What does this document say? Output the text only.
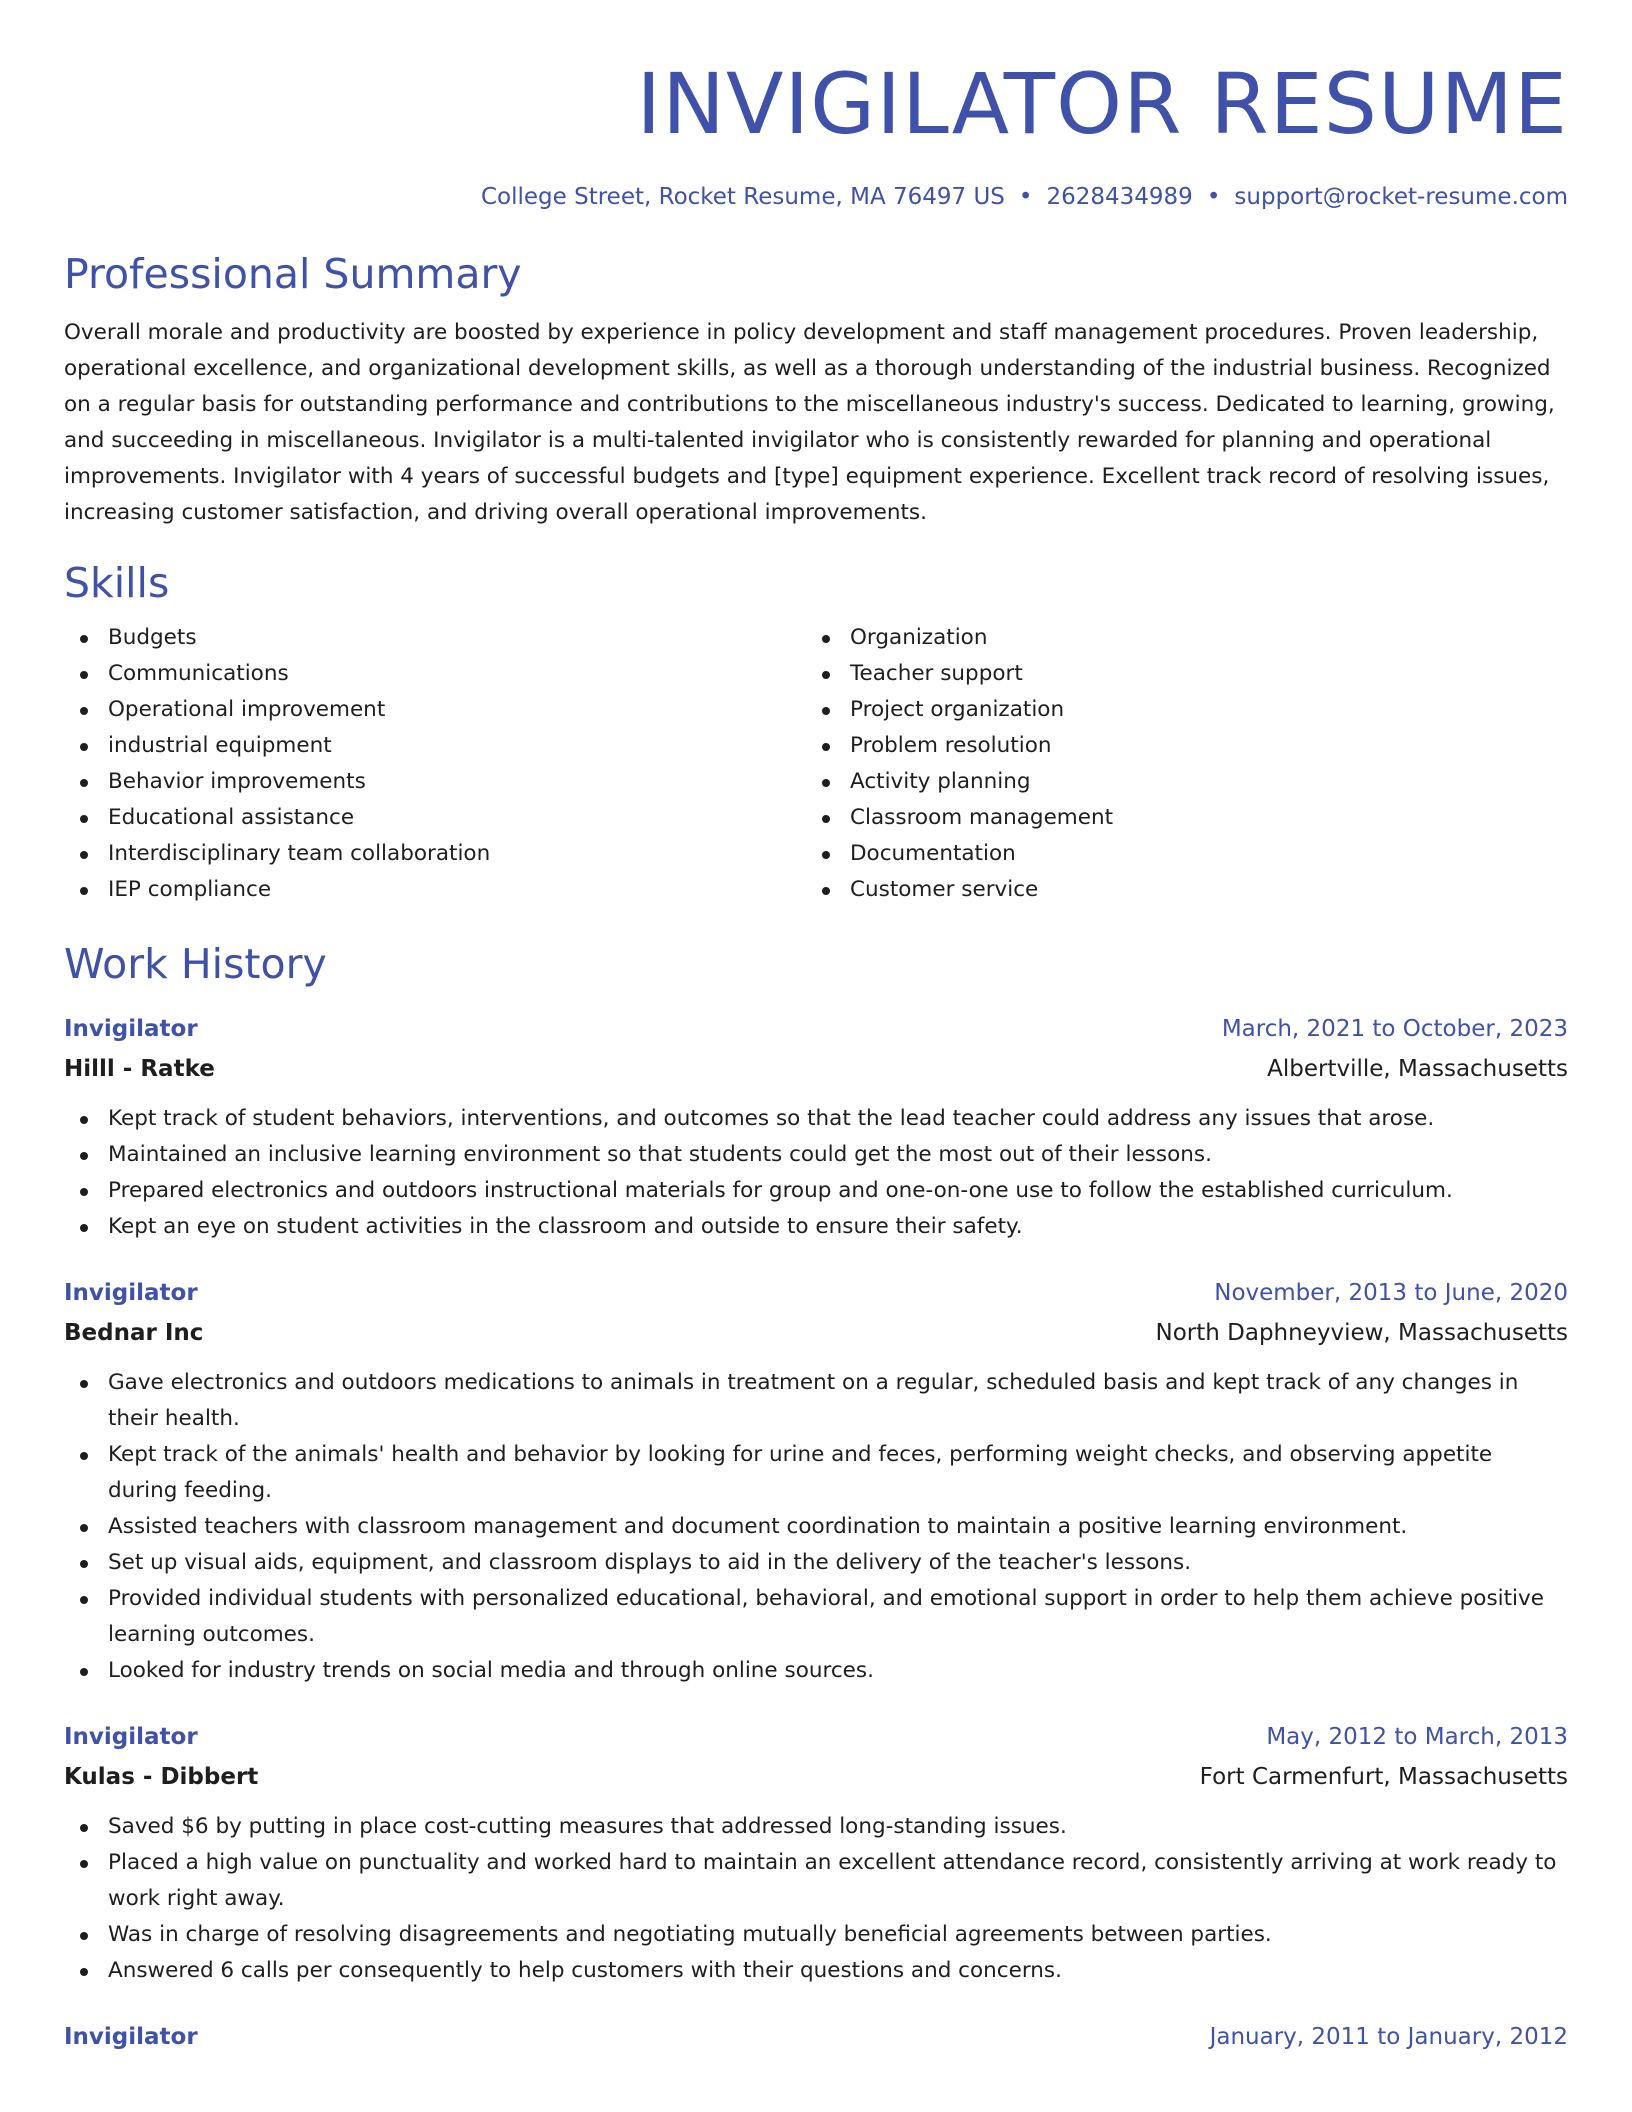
INVIGILATOR RESUME
College Street, Rocket Resume, MA 76497 US • 2628434989 • support@rocket-resume.com
Professional Summary

Overall morale and productivity are boosted by experience in policy development and staff management procedures. Proven leadership, operational excellence, and organizational development skills, as well as a thorough understanding of the industrial business. Recognized on a regular basis for outstanding performance and contributions to the miscellaneous industry's success. Dedicated to learning, growing, and succeeding in miscellaneous. Invigilator is a multi-talented invigilator who is consistently rewarded for planning and operational improvements. Invigilator with 4 years of successful budgets and [type] equipment experience. Excellent track record of resolving issues, increasing customer satisfaction, and driving overall operational improvements.

Skills
Budgets
Communications
Operational improvement
industrial equipment
Behavior improvements
Educational assistance
Interdisciplinary team collaboration
IEP compliance
Organization
Teacher support
Project organization
Problem resolution
Activity planning
Classroom management
Documentation
Customer service
Work History
Invigilator	March, 2021 to October, 2023
Hilll - Ratke	Albertville, Massachusetts
Kept track of student behaviors, interventions, and outcomes so that the lead teacher could address any issues that arose.
Maintained an inclusive learning environment so that students could get the most out of their lessons.
Prepared electronics and outdoors instructional materials for group and one-on-one use to follow the established curriculum.
Kept an eye on student activities in the classroom and outside to ensure their safety.
Invigilator	November, 2013 to June, 2020
Bednar Inc	North Daphneyview, Massachusetts
Gave electronics and outdoors medications to animals in treatment on a regular, scheduled basis and kept track of any changes in their health.
Kept track of the animals' health and behavior by looking for urine and feces, performing weight checks, and observing appetite during feeding.
Assisted teachers with classroom management and document coordination to maintain a positive learning environment.
Set up visual aids, equipment, and classroom displays to aid in the delivery of the teacher's lessons.
Provided individual students with personalized educational, behavioral, and emotional support in order to help them achieve positive learning outcomes.
Looked for industry trends on social media and through online sources.
Invigilator	May, 2012 to March, 2013
Kulas - Dibbert	Fort Carmenfurt, Massachusetts
Saved $6 by putting in place cost-cutting measures that addressed long-standing issues.
Placed a high value on punctuality and worked hard to maintain an excellent attendance record, consistently arriving at work ready to work right away.
Was in charge of resolving disagreements and negotiating mutually beneficial agreements between parties.
Answered 6 calls per consequently to help customers with their questions and concerns.
Invigilator	January, 2011 to January, 2012
